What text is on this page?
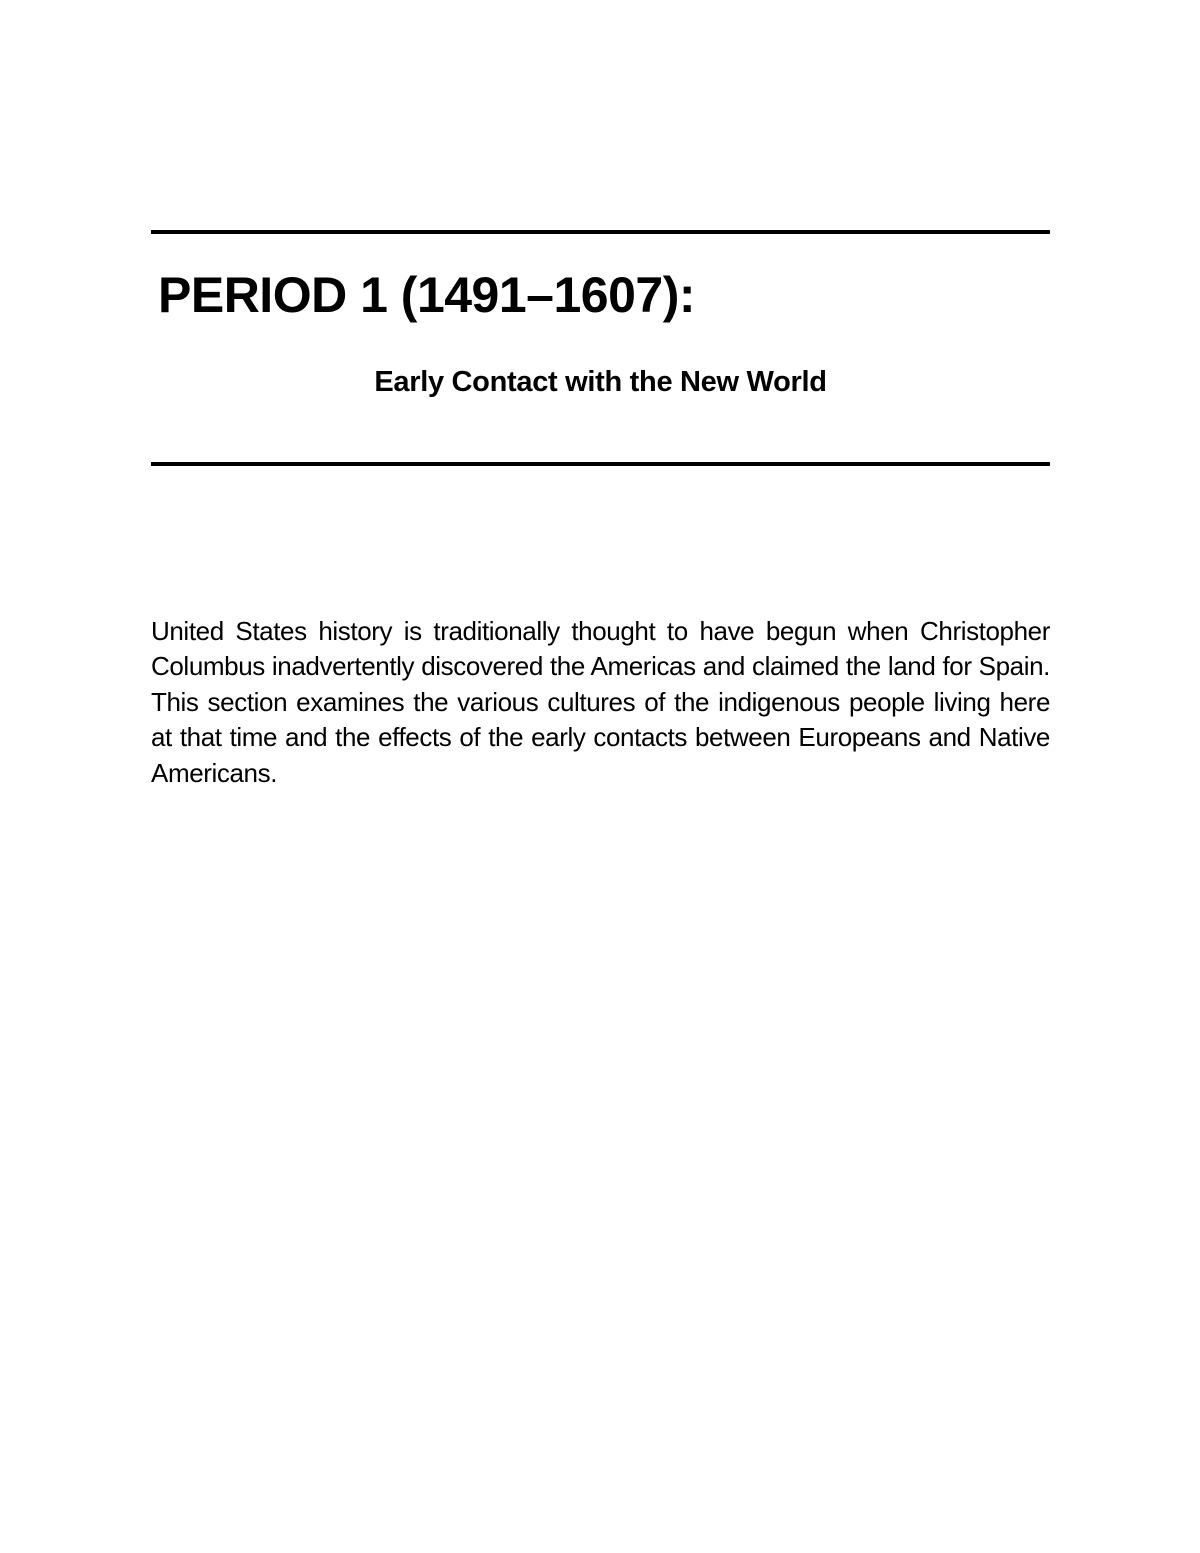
PERIOD 1 (1491–1607):
Early Contact with the New World

United States history is traditionally thought to have begun when Christopher Columbus inadvertently discovered the Americas and claimed the land for Spain. This section examines the various cultures of the indigenous people living here at that time and the effects of the early contacts between Europeans and Native Americans.
